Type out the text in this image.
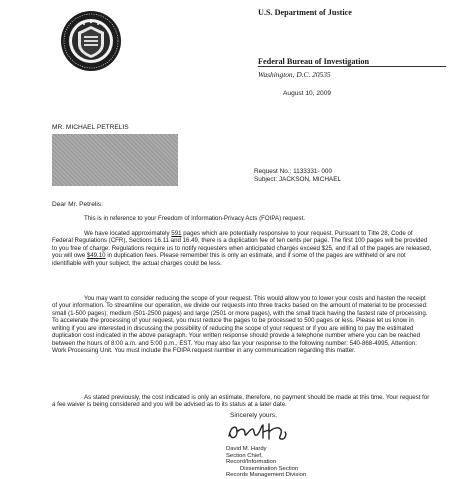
U.S. Department of Justice
Federal Bureau of Investigation
Washington, D.C. 20535
August 10, 2009
MR. MICHAEL PETRELIS
Request No.: 1133331- 000
Subject: JACKSON, MICHAEL
Dear Mr. Petrelis:

This is in reference to your Freedom of Information-Privacy Acts (FOIPA) request.

We have located approximately 591 pages which are potentially responsive to your request. Pursuant to Title 28, Code of Federal Regulations (CFR), Sections 16.11 and 16.49, there is a duplication fee of ten cents per page. The first 100 pages will be provided to you free of charge. Regulations require us to notify requesters when anticipated charges exceed $25, and if all of the pages are released, you will owe $49.10 in duplication fees. Please remember this is only an estimate, and if some of the pages are withheld or are not identifiable with your subject, the actual charges could be less.

You may want to consider reducing the scope of your request. This would allow you to lower your costs and hasten the receipt of your information. To streamline our operation, we divide our requests into three tracks based on the amount of material to be processed: small (1-500 pages); medium (501-2500 pages) and large (2501 or more pages), with the small track having the fastest rate of processing. To accelerate the processing of your request, you must reduce the pages to be processed to 500 pages or less. Please let us know in writing if you are interested in discussing the possibility of reducing the scope of your request or if you are willing to pay the estimated duplication cost indicated in the above paragraph. Your written response should provide a telephone number where you can be reached between the hours of 8:00 a.m. and 5:00 p.m., EST. You may also fax your response to the following number: 540-868-4995, Attention: Work Processing Unit. You must include the FOIPA request number in any communication regarding this matter.

As stated previously, the cost indicated is only an estimate, therefore, no payment should be made at this time. Your request for a fee waiver is being considered and you will be advised as to its status at a later date.

Sincerely yours,
David M. Hardy
Section Chief,
Record/Information
Dissemination Section
Records Management Division
